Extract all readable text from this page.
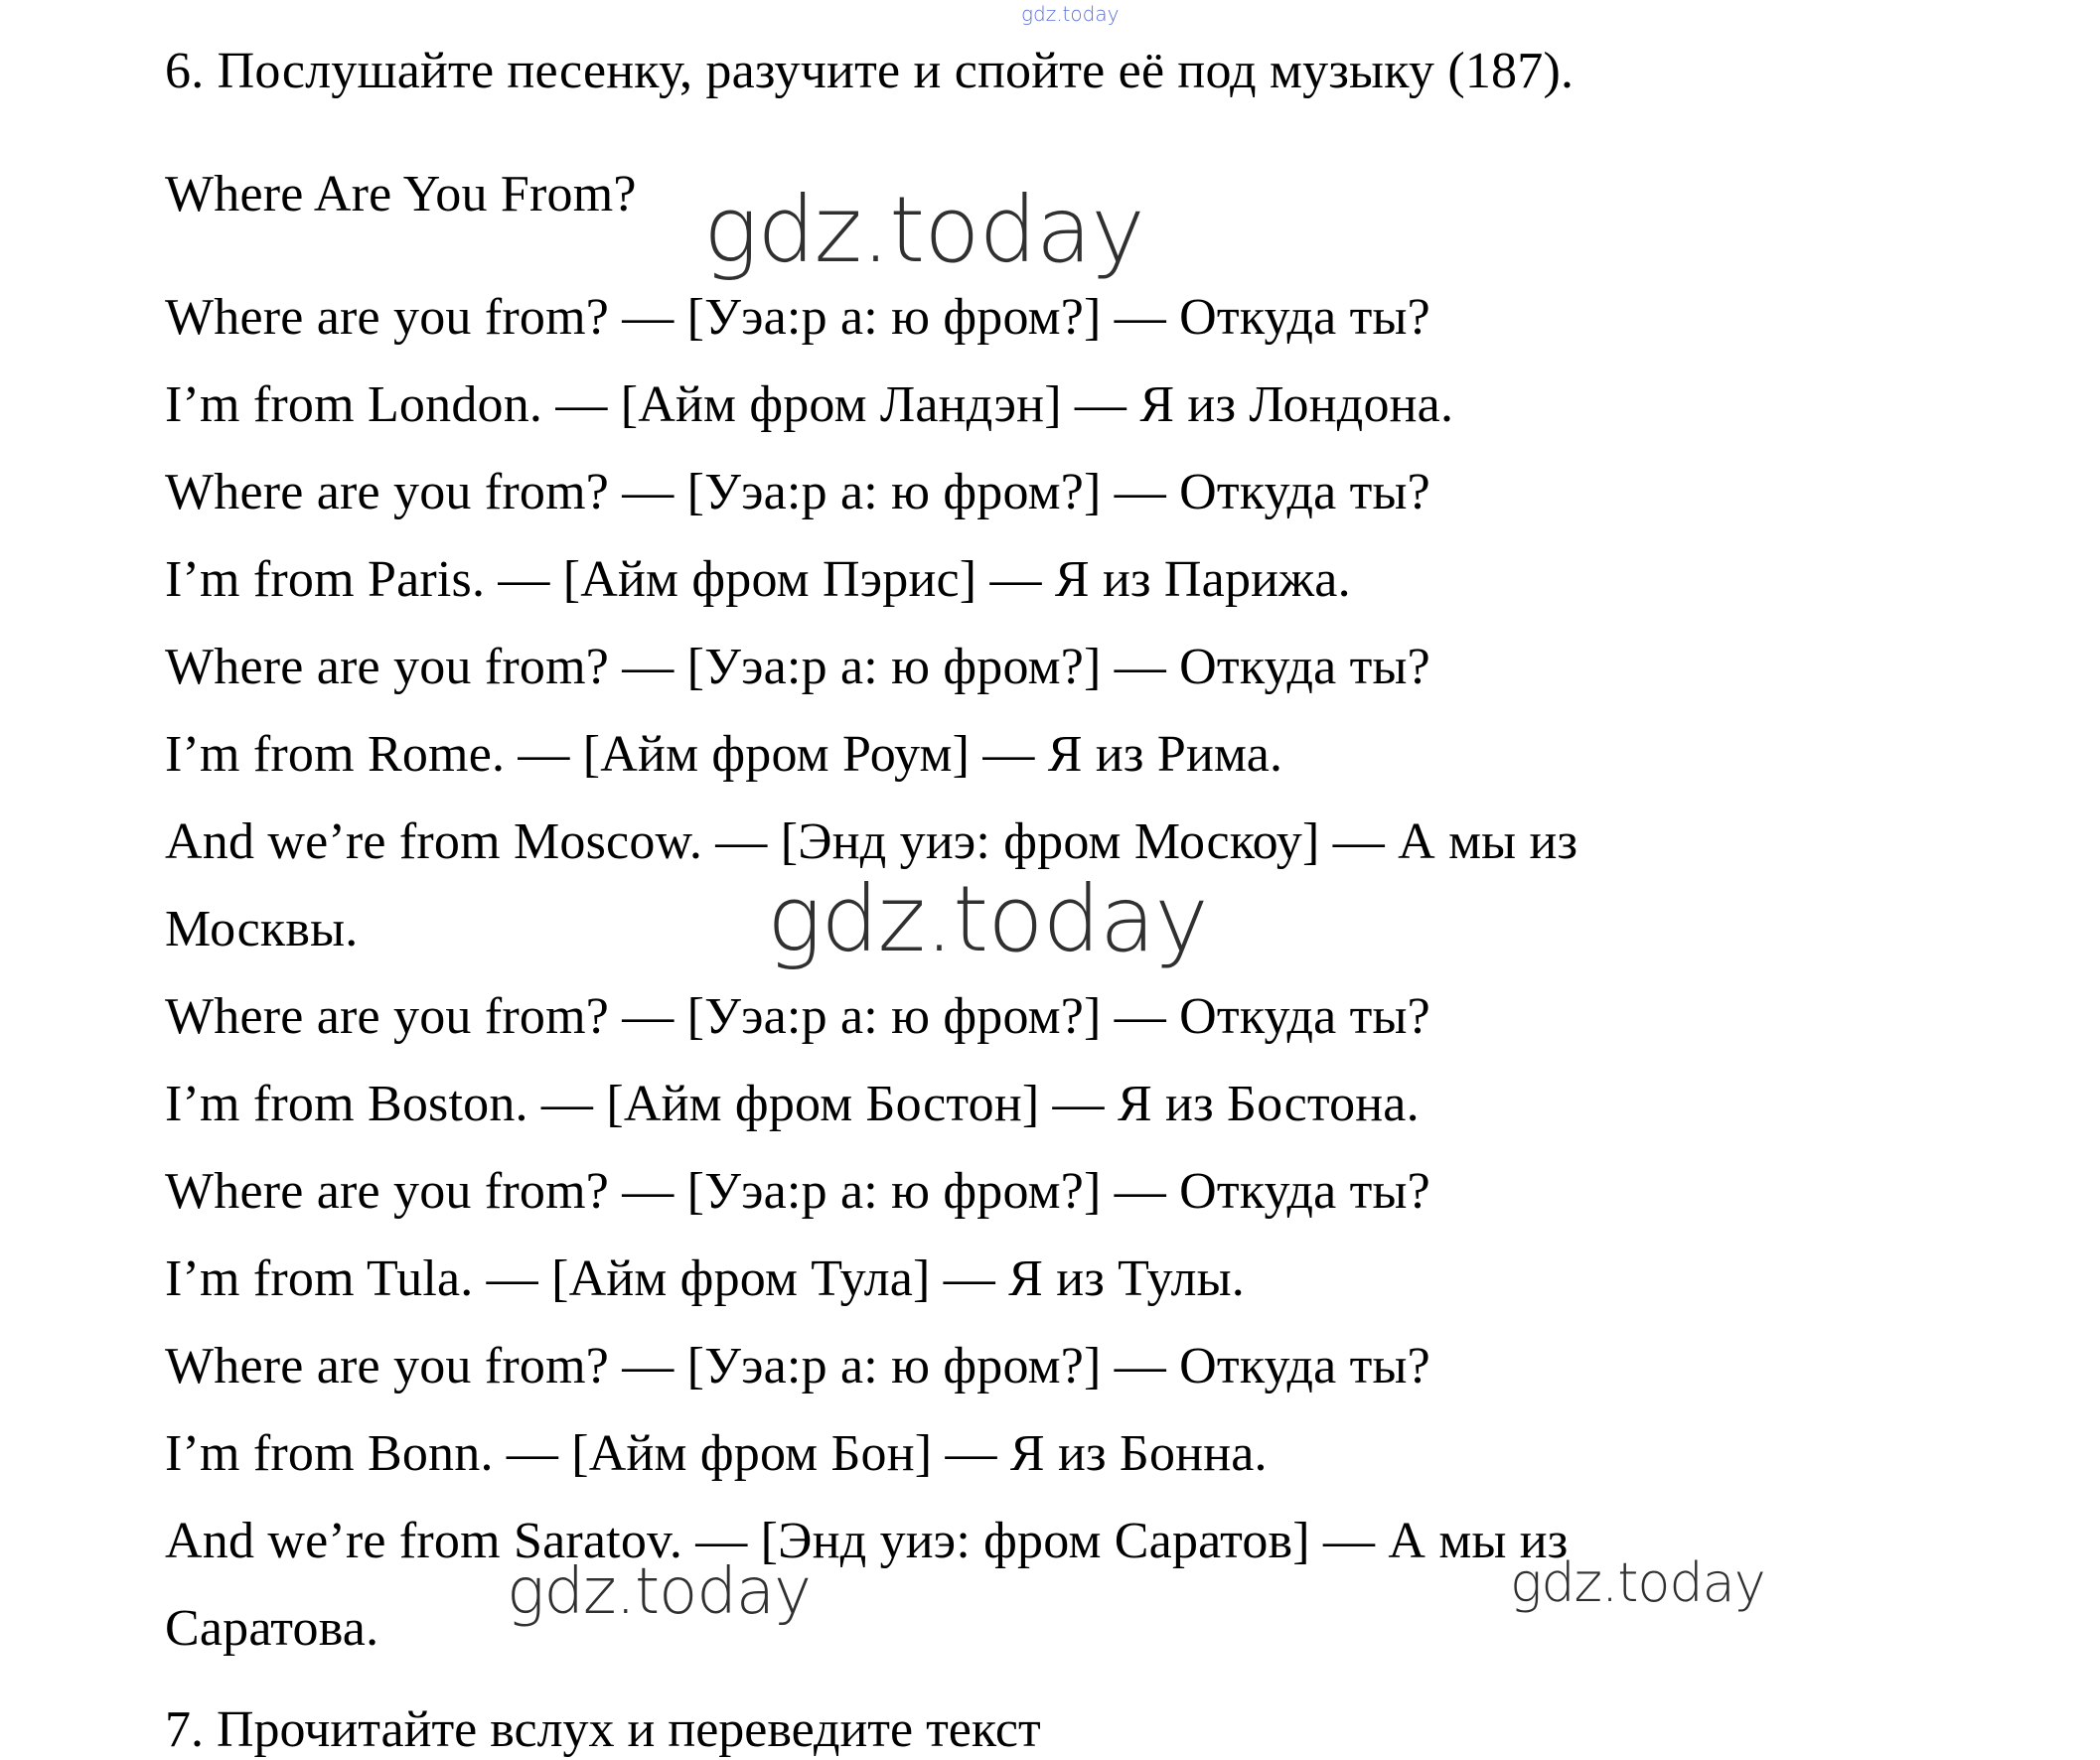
gdz.today
6. Послушайте песенку, разучите и спойте её под музыку (187).
Where Are You From? gdz.today
Where are you from? — [Уэа:р а: ю фром?] — Откуда ты?
I’m from London. — [Айм фром Ландэн] — Я из Лондона.
Where are you from? — [Уэа:р а: ю фром?] — Откуда ты?
I’m from Paris. — [Айм фром Пэрис] — Я из Парижа.
Where are you from? — [Уэа:р а: ю фром?] — Откуда ты?
I’m from Rome. — [Айм фром Роум] — Я из Рима.
And we’re from Moscow. — [Энд уиэ: фром Москоу] — А мы из
Москвы.	gdz.today
Where are you from? — [Уэа:р а: ю фром?] — Откуда ты?
I’m from Boston. — [Айм фром Бостон] — Я из Бостона.
Where are you from? — [Уэа:р а: ю фром?] — Откуда ты?
I’m from Tula. — [Айм фром Тула] — Я из Тулы.
Where are you from? — [Уэа:р а: ю фром?] — Откуда ты?
I’m from Bonn. — [Айм фром Бон] — Я из Бонна.
And we’re from Saratov. — [Энд уиэ: фром Саратов] — А мы из
Саратова. gdz.today	gdz.today
7. Прочитайте вслух и переведите текст
